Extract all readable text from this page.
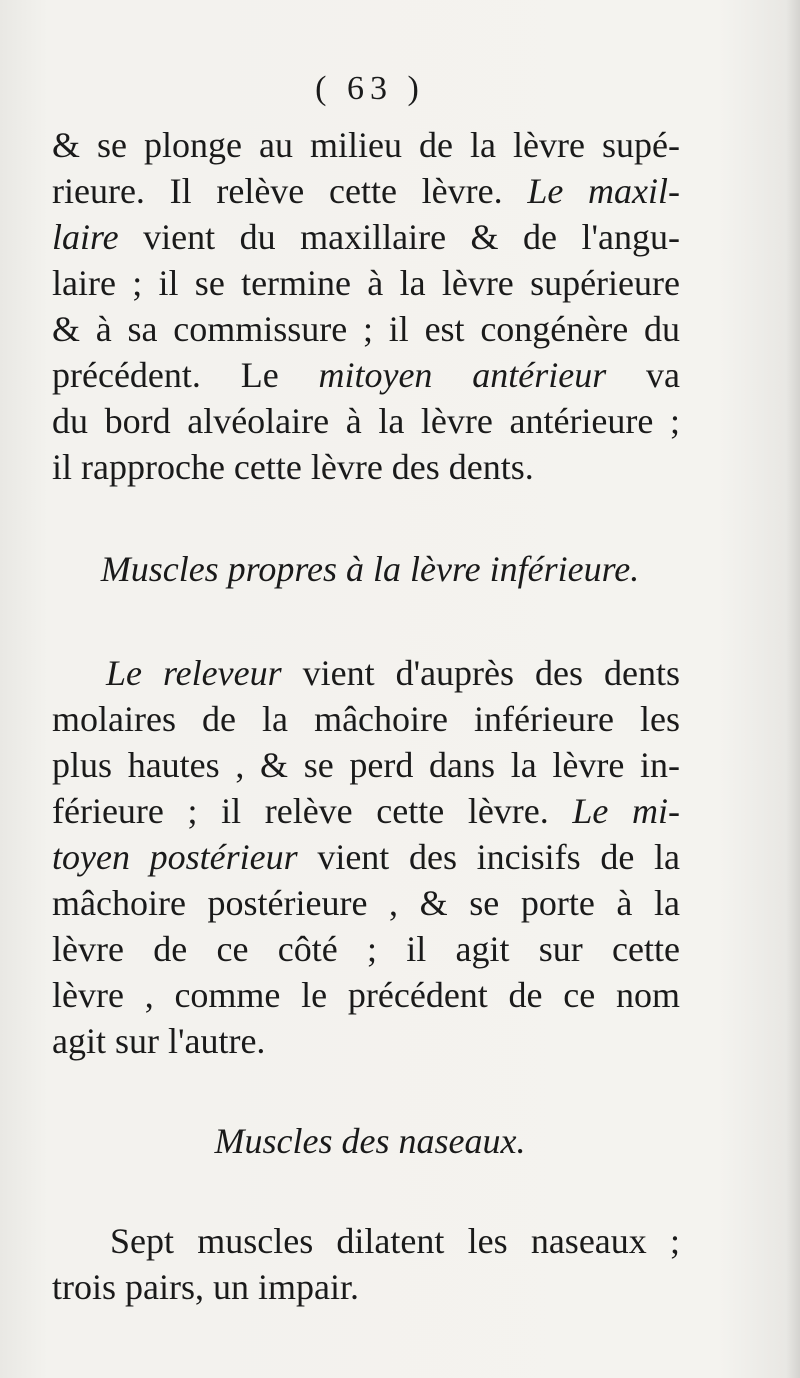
( 63 )
& se plonge au milieu de la lèvre supé-
rieure. Il relève cette lèvre. Le maxil-
laire vient du maxillaire & de l'angu-
laire ; il se termine à la lèvre supérieure
& à sa commissure ; il est congénère du
précédent. Le mitoyen antérieur va
du bord alvéolaire à la lèvre antérieure ;
il rapproche cette lèvre des dents.
Muscles propres à la lèvre inférieure.
Le releveur vient d'auprès des dents
molaires de la mâchoire inférieure les
plus hautes , & se perd dans la lèvre in-
férieure ; il relève cette lèvre. Le mi-
toyen postérieur vient des incisifs de la
mâchoire postérieure , & se porte à la
lèvre de ce côté ; il agit sur cette
lèvre , comme le précédent de ce nom
agit sur l'autre.
Muscles des naseaux.
Sept muscles dilatent les naseaux ;
trois pairs, un impair.
